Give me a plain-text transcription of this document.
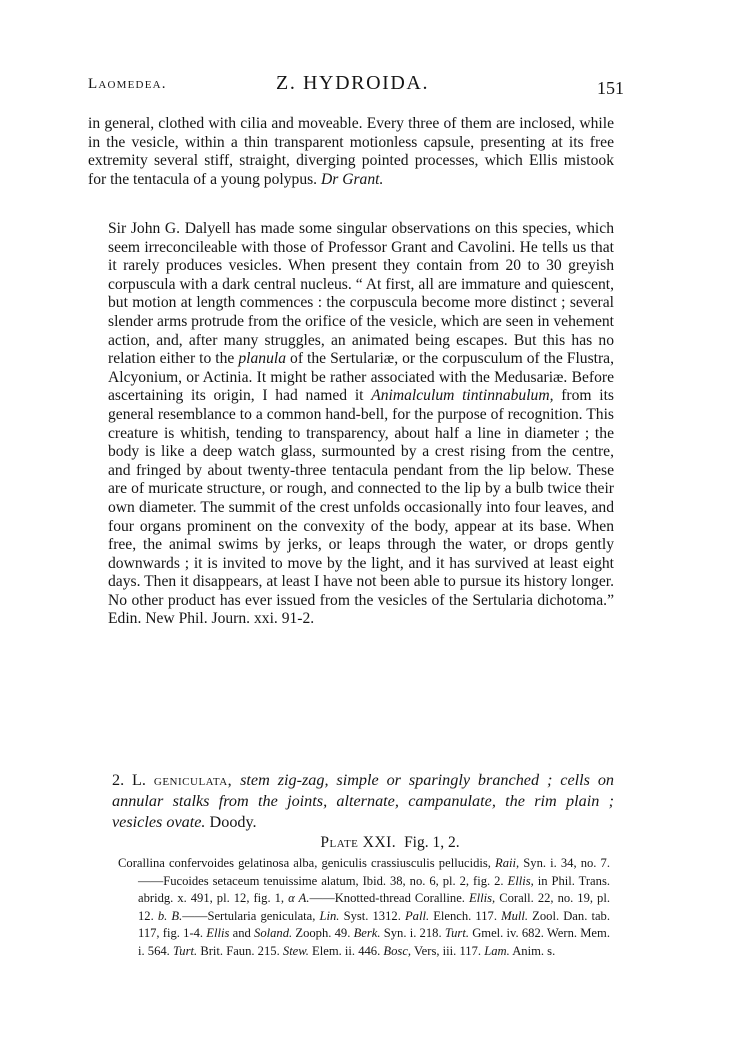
Laomedea.	Z. HYDROIDA.	151

in general, clothed with cilia and moveable. Every three of them are inclosed, while in the vesicle, within a thin transparent motionless capsule, presenting at its free extremity several stiff, straight, diverging pointed processes, which Ellis mistook for the tentacula of a young polypus. Dr Grant.

Sir John G. Dalyell has made some singular observations on this species, which seem irreconcileable with those of Professor Grant and Cavolini. He tells us that it rarely produces vesicles. When present they contain from 20 to 30 greyish corpuscula with a dark central nucleus. “ At first, all are immature and quiescent, but motion at length commences : the corpuscula become more distinct ; several slender arms protrude from the orifice of the vesicle, which are seen in vehement action, and, after many struggles, an animated being escapes. But this has no relation either to the planula of the Sertulariæ, or the corpusculum of the Flustra, Alcyonium, or Actinia. It might be rather associated with the Medusariæ. Before ascertaining its origin, I had named it Animalculum tintinnabulum, from its general resemblance to a common hand-bell, for the purpose of recognition. This creature is whitish, tending to transparency, about half a line in diameter ; the body is like a deep watch glass, surmounted by a crest rising from the centre, and fringed by about twenty-three tentacula pendant from the lip below. These are of muricate structure, or rough, and connected to the lip by a bulb twice their own diameter. The summit of the crest unfolds occasionally into four leaves, and four organs prominent on the convexity of the body, appear at its base. When free, the animal swims by jerks, or leaps through the water, or drops gently downwards ; it is invited to move by the light, and it has survived at least eight days. Then it disappears, at least I have not been able to pursue its history longer. No other product has ever issued from the vesicles of the Sertularia dichotoma.” Edin. New Phil. Journ. xxi. 91-2.

2. L. geniculata, stem zig-zag, simple or sparingly branched ; cells on annular stalks from the joints, alternate, campanulate, the rim plain ; vesicles ovate. Doody.

Plate XXI. Fig. 1, 2.

Corallina confervoides gelatinosa alba, geniculis crassiusculis pellucidis, Raii, Syn. i. 34, no. 7.——Fucoides setaceum tenuissime alatum, Ibid. 38, no. 6, pl. 2, fig. 2. Ellis, in Phil. Trans. abridg. x. 491, pl. 12, fig. 1, α A.——Knotted-thread Coralline. Ellis, Corall. 22, no. 19, pl. 12. b. B.——Sertularia geniculata, Lin. Syst. 1312. Pall. Elench. 117. Mull. Zool. Dan. tab. 117, fig. 1-4. Ellis and Soland. Zooph. 49. Berk. Syn. i. 218. Turt. Gmel. iv. 682. Wern. Mem. i. 564. Turt. Brit. Faun. 215. Stew. Elem. ii. 446. Bosc, Vers, iii. 117. Lam. Anim. s.
